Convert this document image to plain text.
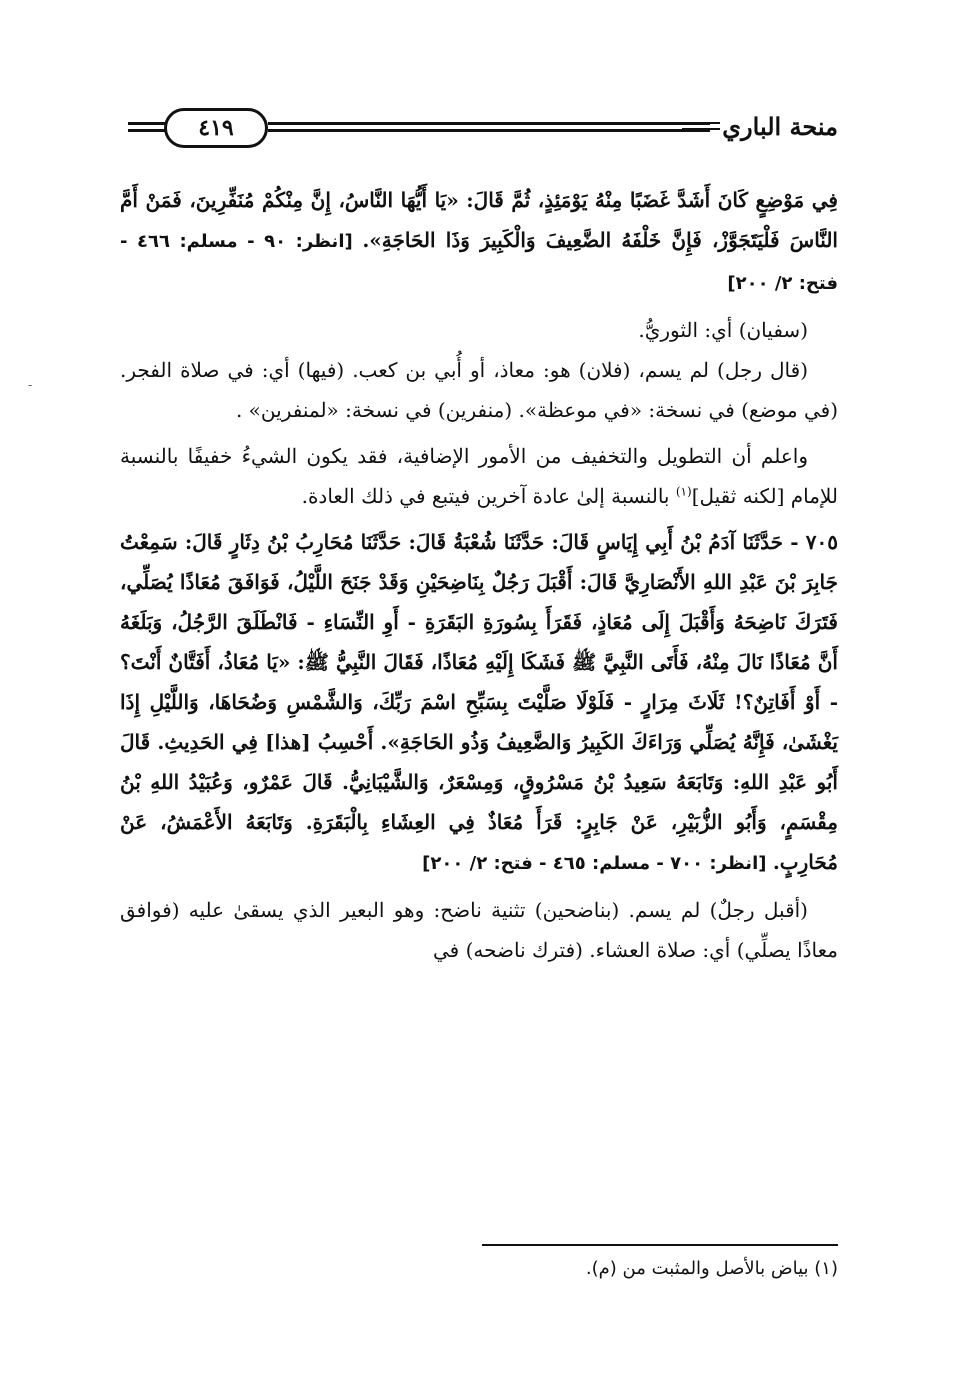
منحة الباري
٤١٩

فِي مَوْضِعٍ كَانَ أَشَدَّ غَضَبًا مِنْهُ يَوْمَئِذٍ، ثُمَّ قَالَ: «يَا أَيُّهَا النَّاسُ، إِنَّ مِنْكُمْ مُنَفِّرِينَ، فَمَنْ أَمَّ النَّاسَ فَلْيَتَجَوَّزْ، فَإِنَّ خَلْفَهُ الضَّعِيفَ وَالْكَبِيرَ وَذَا الحَاجَةِ». [انظر: ٩٠ - مسلم: ٤٦٦ - فتح: ٢/ ٢٠٠]

(سفيان) أي: الثوريُّ.

(قال رجل) لم يسم، (فلان) هو: معاذ، أو أُبي بن كعب. (فيها) أي: في صلاة الفجر. (في موضع) في نسخة: «في موعظة». (منفرين) في نسخة: «لمنفرين» .

واعلم أن التطويل والتخفيف من الأمور الإضافية، فقد يكون الشيءُ خفيفًا بالنسبة للإمام [لكنه ثقيل]$^{(١)}$ بالنسبة إلىٰ عادة آخرين فيتبع في ذلك العادة.

٧٠٥ - حَدَّثَنَا آدَمُ بْنُ أَبِي إِيَاسٍ قَالَ: حَدَّثَنَا شُعْبَةُ قَالَ: حَدَّثَنَا مُحَارِبُ بْنُ دِثَارٍ قَالَ: سَمِعْتُ جَابِرَ بْنَ عَبْدِ اللهِ الأَنْصَارِيَّ قَالَ: أَقْبَلَ رَجُلٌ بِنَاضِحَيْنِ وَقَدْ جَنَحَ اللَّيْلُ، فَوَافَقَ مُعَاذًا يُصَلِّي، فَتَرَكَ نَاضِحَهُ وَأَقْبَلَ إِلَى مُعَاذٍ، فَقَرَأَ بِسُورَةِ البَقَرَةِ - أَوِ النِّسَاءِ - فَانْطَلَقَ الرَّجُلُ، وَبَلَغَهُ أَنَّ مُعَاذًا نَالَ مِنْهُ، فَأَتَى النَّبِيَّ ﷺ فَشَكَا إِلَيْهِ مُعَاذًا، فَقَالَ النَّبِيُّ ﷺ: «يَا مُعَاذُ، أَفَتَّانٌ أَنْتَ؟ - أَوْ أَفَاتِنٌ؟! ثَلَاثَ مِرَارٍ - فَلَوْلَا صَلَّيْتَ بِسَبِّحِ اسْمَ رَبِّكَ، وَالشَّمْسِ وَضُحَاهَا، وَاللَّيْلِ إِذَا يَغْشَىٰ، فَإِنَّهُ يُصَلِّي وَرَاءَكَ الكَبِيرُ وَالضَّعِيفُ وَذُو الحَاجَةِ». أَحْسِبُ [هذا] فِي الحَدِيثِ. قَالَ أَبُو عَبْدِ اللهِ: وَتَابَعَهُ سَعِيدُ بْنُ مَسْرُوقٍ، وَمِسْعَرٌ، وَالشَّيْبَانِيُّ. قَالَ عَمْرٌو، وَعُبَيْدُ اللهِ بْنُ مِقْسَمٍ، وَأَبُو الزُّبَيْرِ، عَنْ جَابِرٍ: قَرَأَ مُعَاذٌ فِي العِشَاءِ بِالْبَقَرَةِ. وَتَابَعَهُ الأَعْمَشُ، عَنْ مُحَارِبٍ. [انظر: ٧٠٠ - مسلم: ٤٦٥ - فتح: ٢/ ٢٠٠]

(أقبل رجلٌ) لم يسم. (بناضحين) تثنية ناضح: وهو البعير الذي يسقىٰ عليه (فوافق معاذًا يصلِّي) أي: صلاة العشاء. (فترك ناضحه) في

(١) بياض بالأصل والمثبت من (م).
-
